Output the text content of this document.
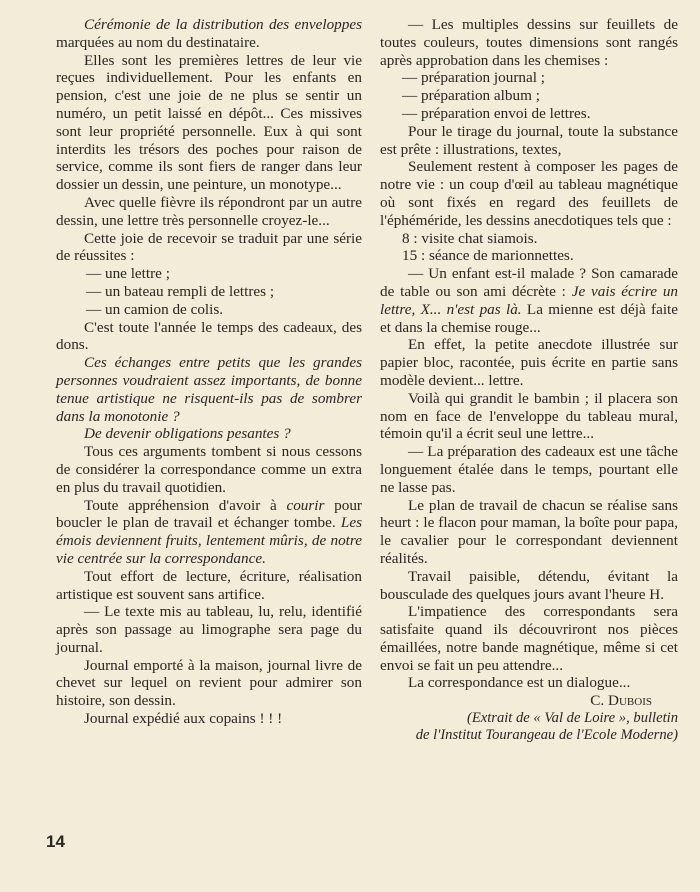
Cérémonie de la distribution des enveloppes marquées au nom du destinataire.

Elles sont les premières lettres de leur vie reçues individuellement. Pour les enfants en pension, c'est une joie de ne plus se sentir un numéro, un petit laissé en dépôt... Ces missives sont leur propriété personnelle. Eux à qui sont interdits les trésors des poches pour raison de service, comme ils sont fiers de ranger dans leur dossier un dessin, une peinture, un monotype...

Avec quelle fièvre ils répondront par un autre dessin, une lettre très personnelle croyez-le...

Cette joie de recevoir se traduit par une série de réussites :

— une lettre ;

— un bateau rempli de lettres ;

— un camion de colis.

C'est toute l'année le temps des cadeaux, des dons.

Ces échanges entre petits que les grandes personnes voudraient assez importants, de bonne tenue artistique ne risquent-ils pas de sombrer dans la monotonie ?

De devenir obligations pesantes ?

Tous ces arguments tombent si nous cessons de considérer la correspondance comme un extra en plus du travail quotidien.

Toute appréhension d'avoir à courir pour boucler le plan de travail et échanger tombe. Les émois deviennent fruits, lentement mûris, de notre vie centrée sur la correspondance.

Tout effort de lecture, écriture, réalisation artistique est souvent sans artifice.

— Le texte mis au tableau, lu, relu, identifié après son passage au limographe sera page du journal.

Journal emporté à la maison, journal livre de chevet sur lequel on revient pour admirer son histoire, son dessin.

Journal expédié aux copains ! ! !

— Les multiples dessins sur feuillets de toutes couleurs, toutes dimensions sont rangés après approbation dans les chemises :

— préparation journal ;

— préparation album ;

— préparation envoi de lettres.

Pour le tirage du journal, toute la substance est prête : illustrations, textes,

Seulement restent à composer les pages de notre vie : un coup d'œil au tableau magnétique où sont fixés en regard des feuillets de l'éphéméride, les dessins anecdotiques tels que :

8 : visite chat siamois.

15 : séance de marionnettes.

— Un enfant est-il malade ? Son camarade de table ou son ami décrète : Je vais écrire un lettre, X... n'est pas là. La mienne est déjà faite et dans la chemise rouge...

En effet, la petite anecdote illustrée sur papier bloc, racontée, puis écrite en partie sans modèle devient... lettre.

Voilà qui grandit le bambin ; il placera son nom en face de l'enveloppe du tableau mural, témoin qu'il a écrit seul une lettre...

— La préparation des cadeaux est une tâche longuement étalée dans le temps, pourtant elle ne lasse pas.

Le plan de travail de chacun se réalise sans heurt : le flacon pour maman, la boîte pour papa, le cavalier pour le correspondant deviennent réalités.

Travail paisible, détendu, évitant la bousculade des quelques jours avant l'heure H.

L'impatience des correspondants sera satisfaite quand ils découvriront nos pièces émaillées, notre bande magnétique, même si cet envoi se fait un peu attendre...

La correspondance est un dialogue...

C. Dubois

(Extrait de « Val de Loire », bulletin

de l'Institut Tourangeau de l'Ecole Moderne)

14
